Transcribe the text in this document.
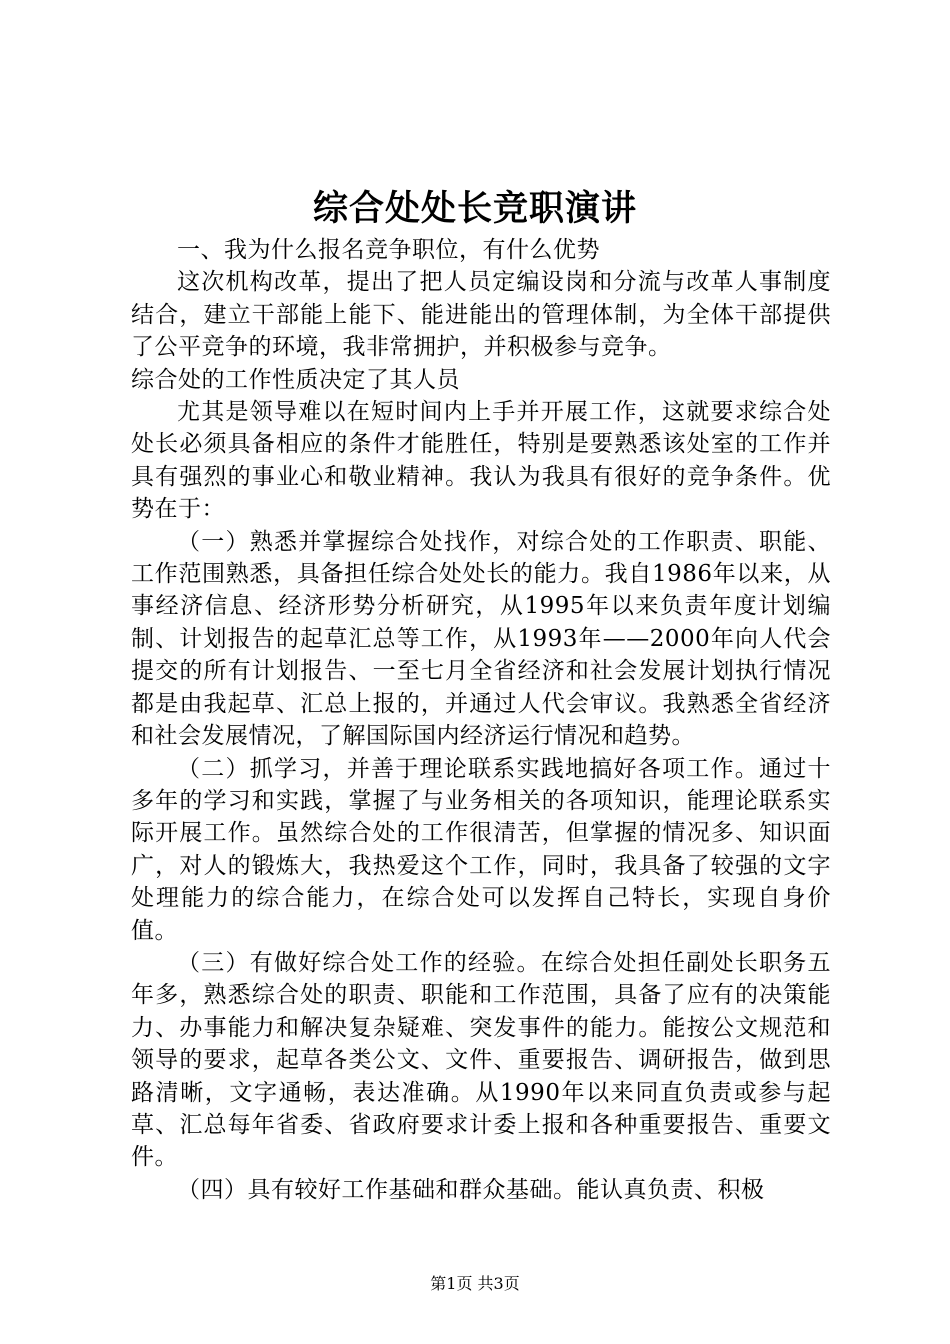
综合处处长竞职演讲

一、我为什么报名竞争职位，有什么优势

这次机构改革，提出了把人员定编设岗和分流与改革人事制度结合，建立干部能上能下、能进能出的管理体制，为全体干部提供了公平竞争的环境，我非常拥护，并积极参与竞争。

综合处的工作性质决定了其人员

尤其是领导难以在短时间内上手并开展工作，这就要求综合处处长必须具备相应的条件才能胜任，特别是要熟悉该处室的工作并具有强烈的事业心和敬业精神。我认为我具有很好的竞争条件。优势在于：

（一）熟悉并掌握综合处找作，对综合处的工作职责、职能、工作范围熟悉，具备担任综合处处长的能力。我自1986年以来，从事经济信息、经济形势分析研究，从1995年以来负责年度计划编制、计划报告的起草汇总等工作，从1993年——2000年向人代会提交的所有计划报告、一至七月全省经济和社会发展计划执行情况都是由我起草、汇总上报的，并通过人代会审议。我熟悉全省经济和社会发展情况，了解国际国内经济运行情况和趋势。

（二）抓学习，并善于理论联系实践地搞好各项工作。通过十多年的学习和实践，掌握了与业务相关的各项知识，能理论联系实际开展工作。虽然综合处的工作很清苦，但掌握的情况多、知识面广，对人的锻炼大，我热爱这个工作，同时，我具备了较强的文字处理能力的综合能力，在综合处可以发挥自己特长，实现自身价值。

（三）有做好综合处工作的经验。在综合处担任副处长职务五年多，熟悉综合处的职责、职能和工作范围，具备了应有的决策能力、办事能力和解决复杂疑难、突发事件的能力。能按公文规范和领导的要求，起草各类公文、文件、重要报告、调研报告，做到思路清晰，文字通畅，表达准确。从1990年以来同直负责或参与起草、汇总每年省委、省政府要求计委上报和各种重要报告、重要文件。

（四）具有较好工作基础和群众基础。能认真负责、积极

第1页 共3页
